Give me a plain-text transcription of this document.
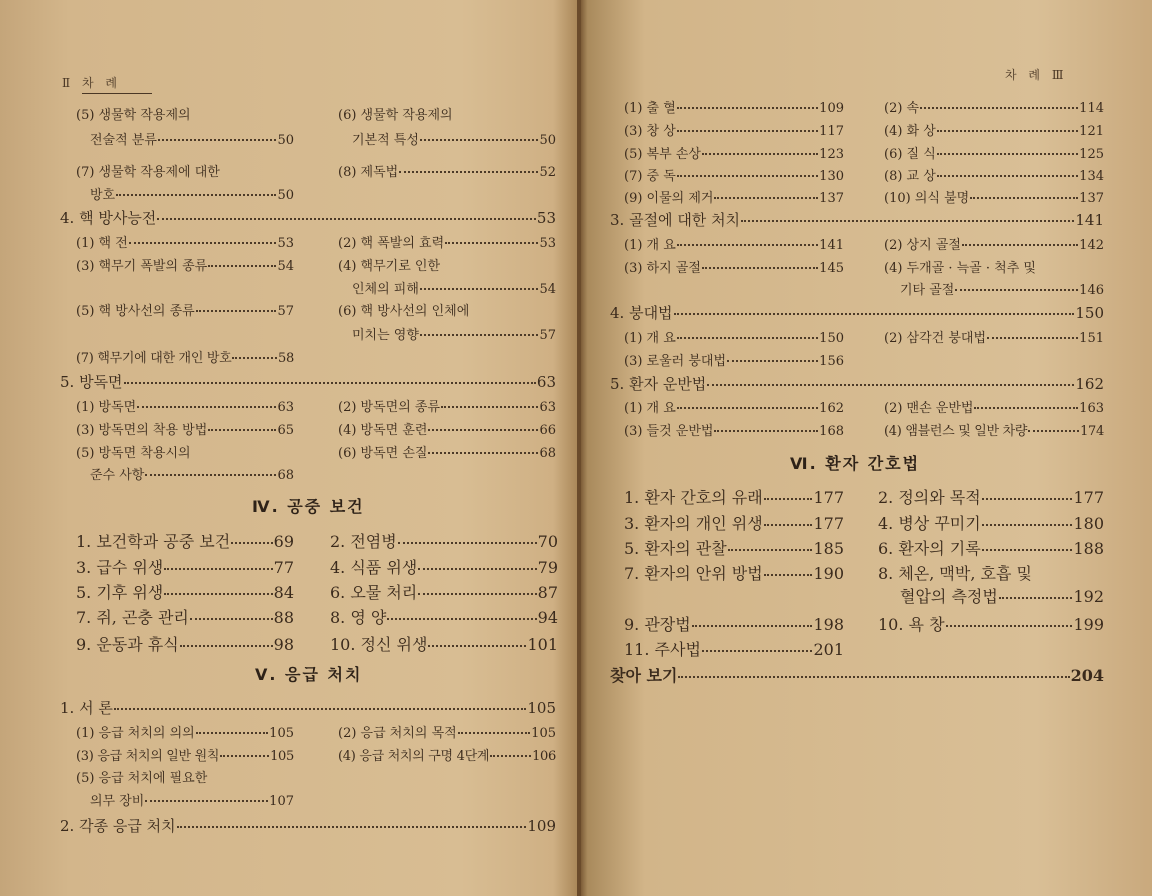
Ⅱ 차 례
(5) 생물학 작용제의	(6) 생물학 작용제의
전술적 분류	50	기본적 특성	50
(7) 생물학 작용제에 대한	(8) 제독법	52
방호	50
4. 핵 방사능전	53
(1) 핵 전	53	(2) 핵 폭발의 효력	53
(3) 핵무기 폭발의 종류	54	(4) 핵무기로 인한
인체의 피해	54
(5) 핵 방사선의 종류	57	(6) 핵 방사선의 인체에
미치는 영향	57
(7) 핵무기에 대한 개인 방호	58
5. 방독면	63
(1) 방독면	63	(2) 방독면의 종류	63
(3) 방독면의 착용 방법	65	(4) 방독면 훈련	66
(5) 방독면 착용시의	(6) 방독면 손질	68
준수 사항	68
1. 보건학과 공중 보건	69 2. 전염병	70
3. 급수 위생	77 4. 식품 위생	79
5. 기후 위생	84 6. 오물 처리	87
7. 쥐, 곤충 관리	88 8. 영 양	94
9. 운동과 휴식	98 10. 정신 위생	101
1. 서 론	105
(1) 응급 처치의 의의	105	(2) 응급 처치의 목적	105
(3) 응급 처치의 일반 원칙	105	(4) 응급 처치의 구명 4단계	106
(5) 응급 처치에 필요한
의무 장비	107
2. 각종 응급 처치	109
Ⅳ. 공중 보건
Ⅴ. 응급 처치
차 례 Ⅲ
(1) 출 혈	109	(2) 속	114
(3) 창 상	117	(4) 화 상	121
(5) 복부 손상	123	(6) 질 식	125
(7) 중 독	130	(8) 교 상	134
(9) 이물의 제거	137	(10) 의식 불명	137
3. 골절에 대한 처치	141
(1) 개 요	141	(2) 상지 골절	142
(3) 하지 골절	145	(4) 두개골 · 늑골 · 척추 및
기타 골절	146
4. 붕대법	150
(1) 개 요	150	(2) 삼각건 붕대법	151
(3) 로울러 붕대법	156
5. 환자 운반법	162
(1) 개 요	162	(2) 맨손 운반법	163
(3) 들것 운반법	168	(4) 앰블런스 및 일반 차량	174
1. 환자 간호의 유래	177 2. 정의와 목적	177
3. 환자의 개인 위생	177 4. 병상 꾸미기	180
5. 환자의 관찰	185 6. 환자의 기록	188
7. 환자의 안위 방법	190 8. 체온, 맥박, 호흡 및
혈압의 측정법	192
9. 관장법	198 10. 욕 창	199
11. 주사법	201
찾아 보기	204
Ⅵ. 환자 간호법
